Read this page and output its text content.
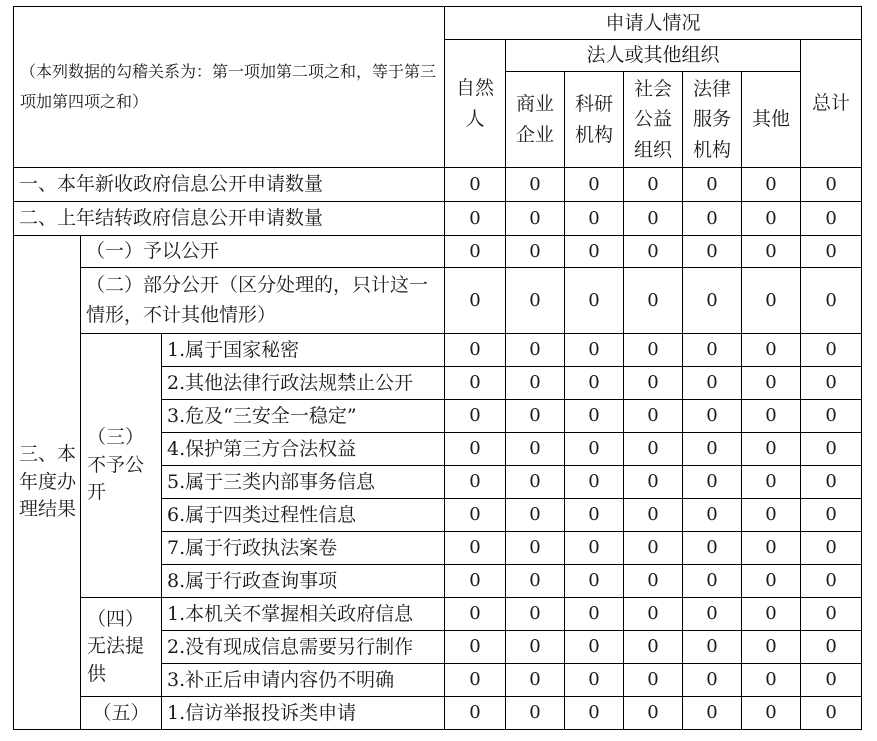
（本列数据的勾稽关系为：第一项加第二项之和，等于第三项加第四项之和）			申请人情况						
			自然人	法人或其他组织					总计
				商业企业	科研机构	社会公益组织	法律服务机构	其他	
一、本年新收政府信息公开申请数量			0	0	0	0	0	0	0
二、上年结转政府信息公开申请数量			0	0	0	0	0	0	0
三、本年度办理结果	（一）予以公开		0	0	0	0	0	0	0
	（二）部分公开（区分处理的，只计这一情形，不计其他情形）		0	0	0	0	0	0	0
	（三）不予公开	1.属于国家秘密	0	0	0	0	0	0	0
		2.其他法律行政法规禁止公开	0	0	0	0	0	0	0
		3.危及“三安全一稳定”	0	0	0	0	0	0	0
		4.保护第三方合法权益	0	0	0	0	0	0	0
		5.属于三类内部事务信息	0	0	0	0	0	0	0
		6.属于四类过程性信息	0	0	0	0	0	0	0
		7.属于行政执法案卷	0	0	0	0	0	0	0
		8.属于行政查询事项	0	0	0	0	0	0	0
	（四）无法提供	1.本机关不掌握相关政府信息	0	0	0	0	0	0	0
		2.没有现成信息需要另行制作	0	0	0	0	0	0	0
		3.补正后申请内容仍不明确	0	0	0	0	0	0	0
	（五）	1.信访举报投诉类申请	0	0	0	0	0	0	0
